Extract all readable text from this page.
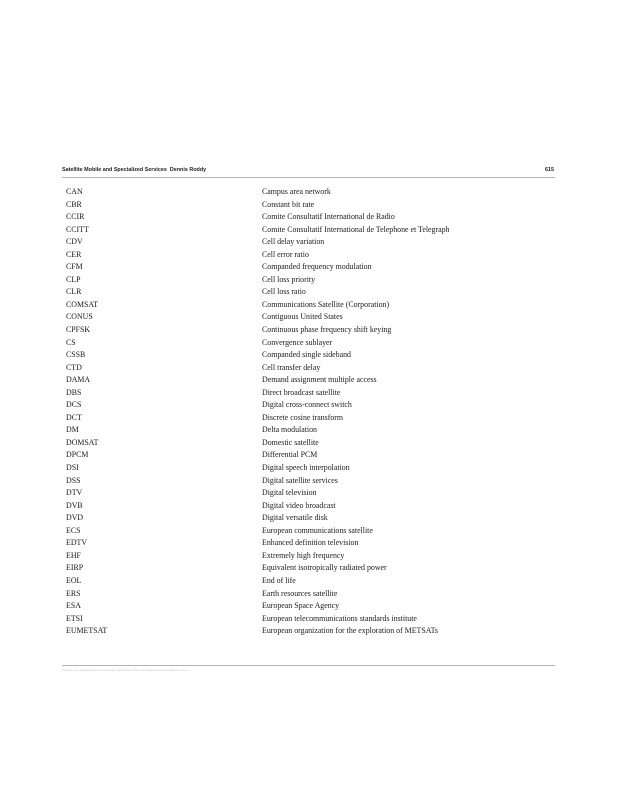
Satellite Mobile and Specialized Services Dennis Roddy	615
CAN	Campus area network
CBR	Constant bit rate
CCIR	Comite Consultatif International de Radio
CCITT	Comite Consultatif International de Telephone et Telegraph
CDV	Cell delay variation
CER	Cell error ratio
CFM	Companded frequency modulation
CLP	Cell loss priority
CLR	Cell loss ratio
COMSAT	Communications Satellite (Corporation)
CONUS	Contiguous United States
CPFSK	Continuous phase frequency shift keying
CS	Convergence sublayer
CSSB	Companded single sideband
CTD	Cell transfer delay
DAMA	Demand assignment multiple access
DBS	Direct broadcast satellite
DCS	Digital cross-connect switch
DCT	Discrete cosine transform
DM	Delta modulation
DOMSAT	Domestic satellite
DPCM	Differential PCM
DSI	Digital speech interpolation
DSS	Digital satellite services
DTV	Digital television
DVB	Digital video broadcast
DVD	Digital versatile disk
ECS	European communications satellite
EDTV	Enhanced definition television
EHF	Extremely high frequency
EIRP	Equivalent isotropically radiated power
EOL	End of life
ERS	Earth resources satellite
ESA	European Space Agency
ETSI	European telecommunications standards institute
EUMETSAT	European organization for the exploration of METSATs
Printed from Digital Engineering Library @ McGraw-Hill (www.Digitalengineeringlibrary.com)
